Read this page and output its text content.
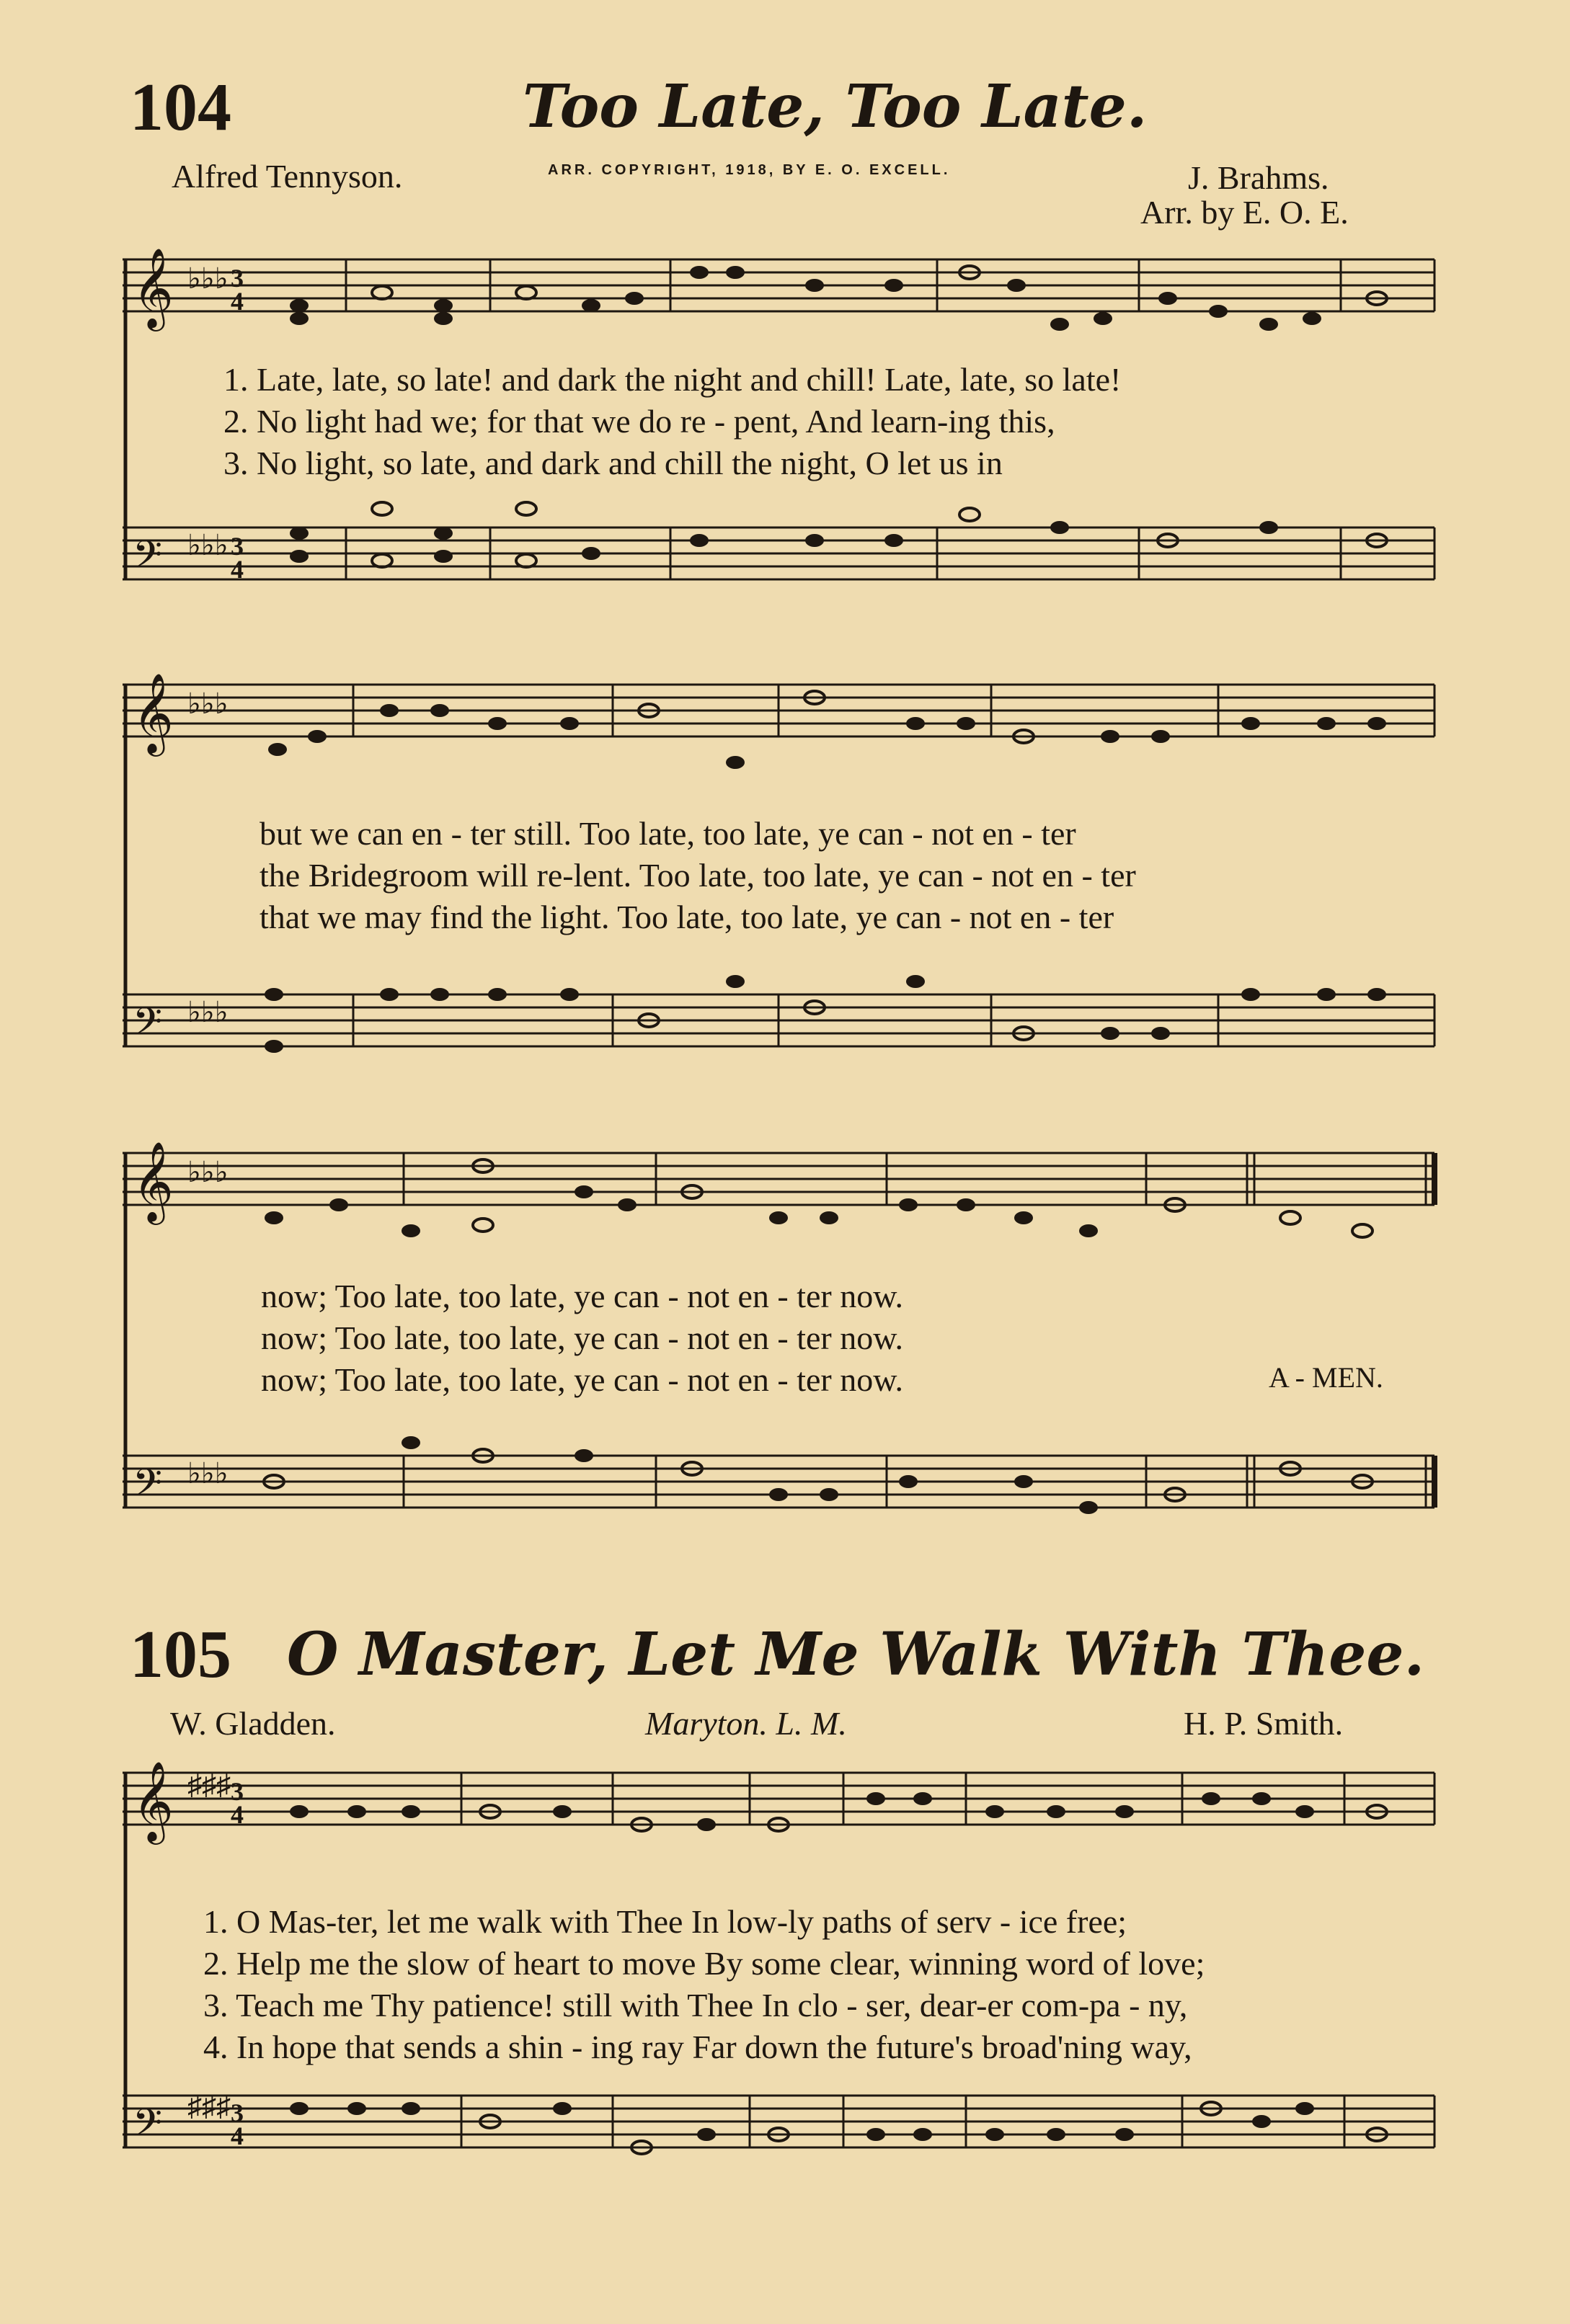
104	Too Late, Too Late.
Alfred Tennyson.	ARR. COPYRIGHT, 1918, BY E. O. EXCELL.	J. Brahms.
Arr. by E. O. E.
𝄞
𝄢
♭♭♭ 3
4
♭♭♭ 3
4
1. Late, late, so late! and dark the night and chill! Late, late, so late!
2. No light had we; for that we do re - pent, And learn-ing this,
3. No light, so late, and dark and chill the night, O let us in
𝄞
𝄢
♭♭♭
♭♭♭
but we can en - ter still. Too late, too late, ye can - not en - ter
the Bridegroom will re-lent. Too late, too late, ye can - not en - ter
that we may find the light. Too late, too late, ye can - not en - ter
𝄞
𝄢
♭♭♭
♭♭♭
now; Too late, too late, ye can - not en - ter now.
now; Too late, too late, ye can - not en - ter now.
now; Too late, too late, ye can - not en - ter now.	A - MEN.
105 O Master, Let Me Walk With Thee.
W. Gladden.	Maryton. L. M.	H. P. Smith.
𝄞
𝄢
♯♯♯ 3
4
♯♯♯ 3
4
1. O Mas-ter, let me walk with Thee In low-ly paths of serv - ice free;
2. Help me the slow of heart to move By some clear, winning word of love;
3. Teach me Thy patience! still with Thee In clo - ser, dear-er com-pa - ny,
4. In hope that sends a shin - ing ray Far down the future's broad'ning way,
